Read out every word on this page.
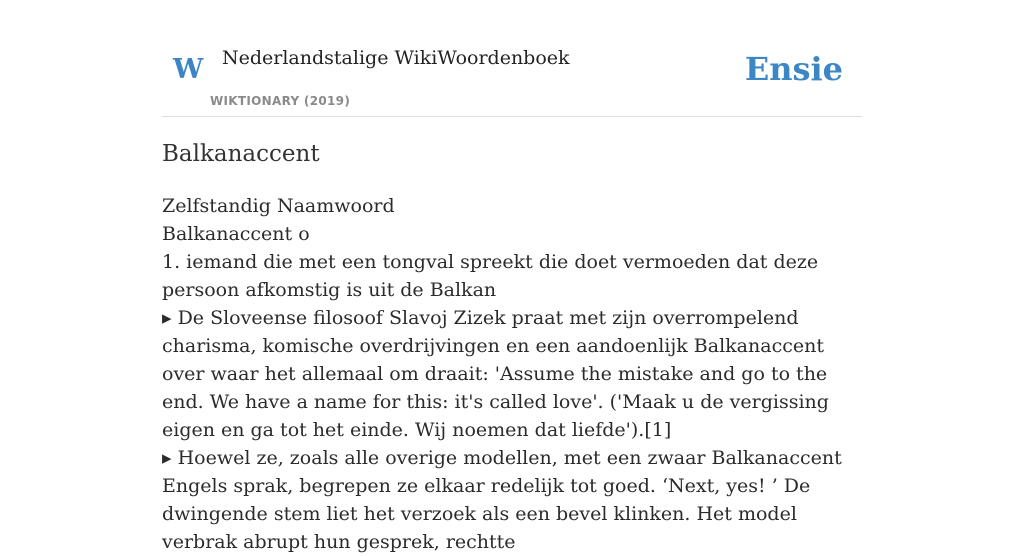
W Nederlandstalige WikiWoordenboek
WIKTIONARY (2019)
Ensie
Balkanaccent

Zelfstandig Naamwoord

Balkanaccent o

1. iemand die met een tongval spreekt die doet vermoeden dat deze persoon afkomstig is uit de Balkan

▸ De Sloveense filosoof Slavoj Zizek praat met zijn overrompelend charisma, komische overdrijvingen en een aandoenlijk Balkanaccent over waar het allemaal om draait: 'Assume the mistake and go to the end. We have a name for this: it's called love'. ('Maak u de vergissing eigen en ga tot het einde. Wij noemen dat liefde').[1]

▸ Hoewel ze, zoals alle overige modellen, met een zwaar Balkanaccent Engels sprak, begrepen ze elkaar redelijk tot goed. ‘Next, yes! ’ De dwingende stem liet het verzoek als een bevel klinken. Het model verbrak abrupt hun gesprek, rechtte
